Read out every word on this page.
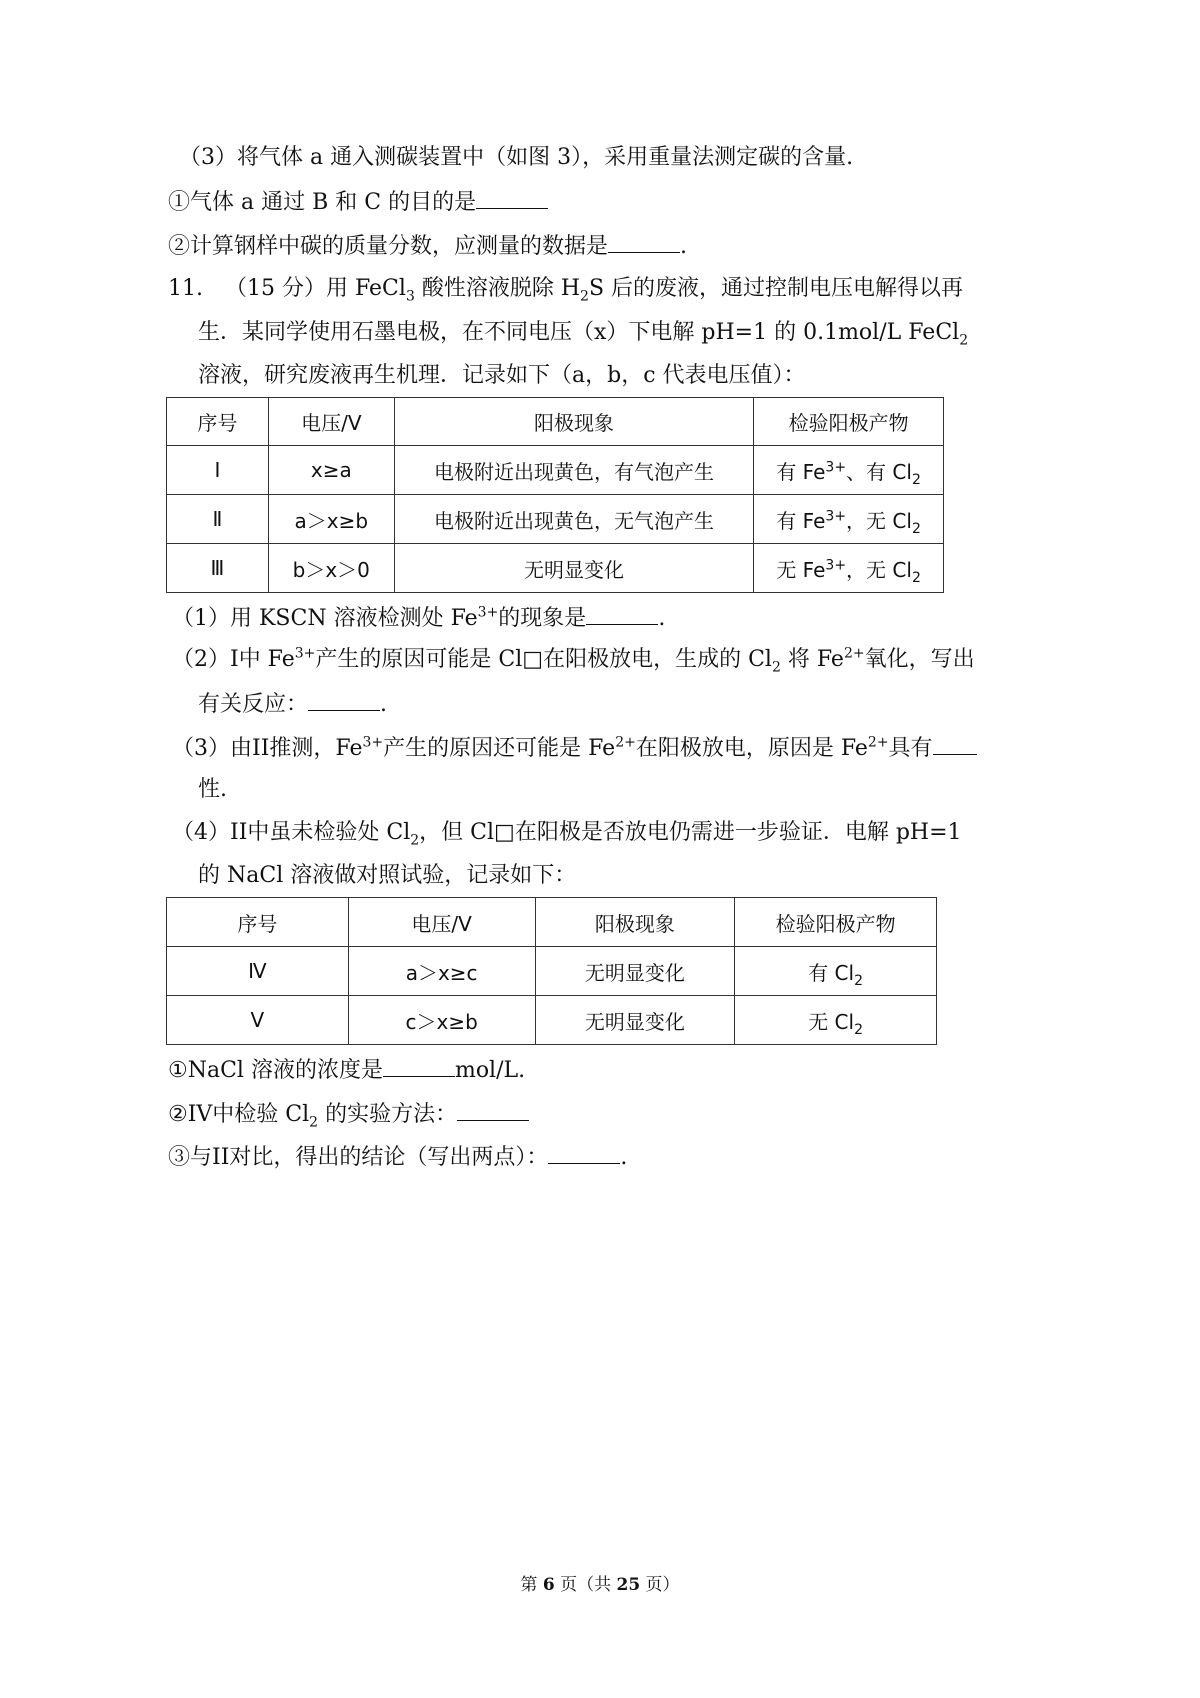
（3）将气体 a 通入测碳装置中（如图 3），采用重量法测定碳的含量.
①气体 a 通过 B 和 C 的目的是
②计算钢样中碳的质量分数，应测量的数据是	.
11. （15 分）用 FeCl$_3$ 酸性溶液脱除 $H_2S$ 后的废液，通过控制电压电解得以再
生．某同学使用石墨电极，在不同电压（x）下电解 pH=1 的 0.1mol/L FeCl$_2$
溶液，研究废液再生机理．记录如下（a，b，c 代表电压值）：
序号	电压/V	阳极现象	检验阳极产物
Ⅰ	x≥a	电极附近出现黄色，有气泡产生	有 $Fe^{3+}$、有 $Cl_2$
Ⅱ	a＞x≥b	电极附近出现黄色，无气泡产生	有 $Fe^{3+}$，无 $Cl_2$
Ⅲ	b＞x＞0	无明显变化	无 $Fe^{3+}$，无 $Cl_2$
（1）用 KSCN 溶液检测处 $Fe^{3+}$的现象是	.
（2）I中 $Fe^{3+}$产生的原因可能是 Cl□在阳极放电，生成的 $Cl_2$ 将 $Fe^{2+}$氧化，写出
有关反应：	.
（3）由II推测，$Fe^{3+}$产生的原因还可能是 $Fe^{2+}$在阳极放电，原因是 $Fe^{2+}$具有
性.
（4）II中虽未检验处 $Cl_2$，但 Cl□在阳极是否放电仍需进一步验证．电解 pH=1
的 NaCl 溶液做对照试验，记录如下：
序号	电压/V	阳极现象	检验阳极产物
Ⅳ	a＞x≥c	无明显变化	有 $Cl_2$
Ⅴ	c＞x≥b	无明显变化	无 $Cl_2$
①NaCl 溶液的浓度是	mol/L.
②IV中检验 $Cl_2$ 的实验方法：
③与II对比，得出的结论（写出两点）：	.
第 6 页（共 25 页）
